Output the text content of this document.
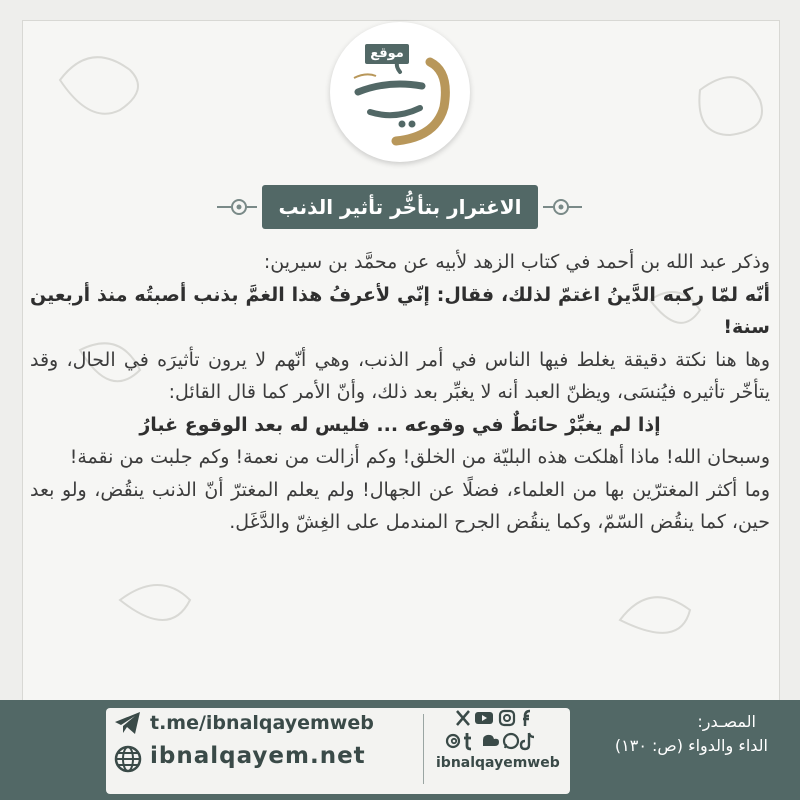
موقع
الاغترار بتأخُّر تأثير الذنب

وذكر عبد الله بن أحمد في كتاب الزهد لأبيه عن محمَّد بن سيرين:

أنّه لمّا ركبه الدَّينُ اغتمّ لذلك، فقال: إنّي لأعرفُ هذا الغمَّ بذنب أصبتُه منذ أربعين سنة!

وها هنا نكتة دقيقة يغلط فيها الناس في أمر الذنب، وهي أنّهم لا يرون تأثيرَه في الحال، وقد يتأخّر تأثيره فيُنسَى، ويظنّ العبد أنه لا يغبِّر بعد ذلك، وأنّ الأمر كما قال القائل:

إذا لم يغبِّرْ حائطٌ في وقوعه ... فليس له بعد الوقوع غبارُ

وسبحان الله! ماذا أهلكت هذه البليّة من الخلق! وكم أزالت من نعمة! وكم جلبت من نقمة!

وما أكثر المغترّين بها من العلماء، فضلًا عن الجهال! ولم يعلم المغترّ أنّ الذنب ينقُض، ولو بعد حين، كما ينقُض السّمّ، وكما ينقُض الجرح المندمل على الغِشّ والدَّغَل.

t.me/ibnalqayemweb
ibnalqayem.net	ibnalqayemweb
المصـدر:
الداء والدواء (ص: ١٣٠)
